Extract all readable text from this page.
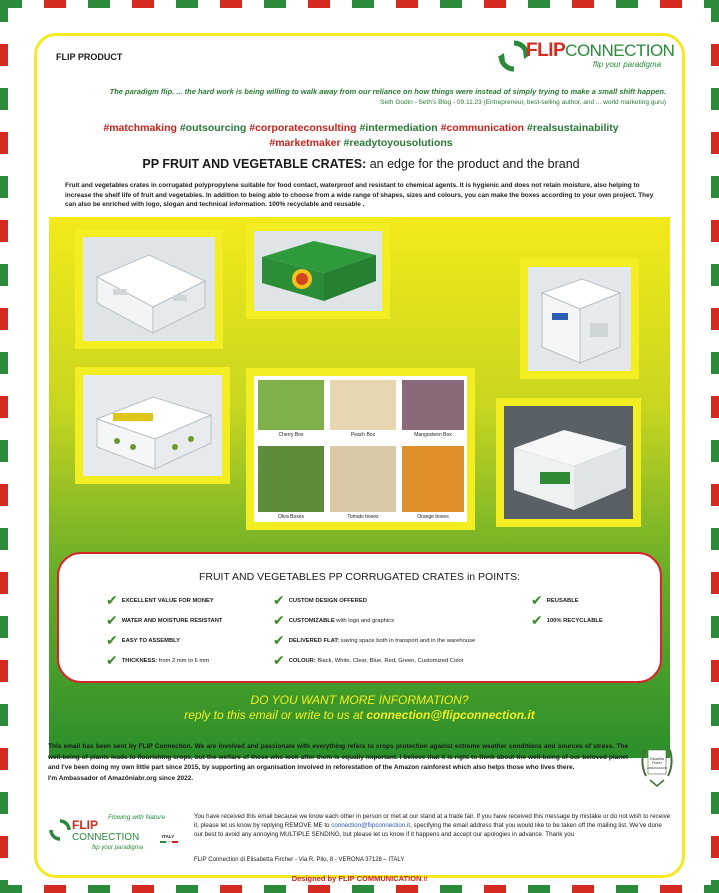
FLIP PRODUCT	FLIPCONNECTION
flip your paradigma
The paradigm flip. ... the hard work is being willing to walk away from our reliance on how things were instead of simply trying to make a small shift happen.
Seth Godin - Seth's Blog - 09.11.23 (Entrepreneur, best-selling author, and ... world marketing guru)
#matchmaking #outsourcing #corporateconsulting #intermediation #communication #realsustainability
#marketmaker #readytoyousolutions
PP FRUIT AND VEGETABLE CRATES: an edge for the product and the brand
Fruit and vegetables crates in corrugated polypropylene suitable for food contact, waterproof and resistant to chemical agents. It is hygienic and does not retain moisture, also helping to increase the shelf life of fruit and vegetables. In addition to being able to choose from a wide range of shapes, sizes and colours, you can make the boxes according to your own project. They can also be enriched with logo, slogan and technical information. 100% recyclable and reusable .
Cherry Box	Peach Box	Mangosteen Box
Okra Boxes	Tomato boxes	Orange boxes
FRUIT AND VEGETABLES PP CORRUGATED CRATES in POINTS:
✔ EXCELLENT VALUE FOR MONEY
✔ WATER AND MOISTURE RESISTANT
✔ EASY TO ASSEMBLY
✔ THICKNESS: from 2 mm to 6 mm
✔ CUSTOM DESIGN OFFERED
✔ CUSTOMIZABLE with logo and graphics
✔ DELIVERED FLAT: saving space both in transport and in the warehouse
✔ COLOUR: Black, White, Clear, Blue, Red, Green, Customized Color
✔ REUSABLE
✔ 100% RECYCLABLE
DO YOU WANT MORE INFORMATION?
reply to this email or write to us at connection@flipconnection.it
This email has been sent by FLIP Connection. We are involved and passionate with everything refers to crops protection against extreme weather conditions and sources of stress. The well-being of plants leads to flourishing crops, but the welfare of those who look after them is equally important. I believe that it is right to think about the well-being of our beloved planet and I've been doing my own little part since 2015, by supporting an organisation involved in reforestation of the Amazon rainforest which also helps those who lives there.
I'm Ambassador of Amazôniabr.org since 2022.
Elisabetta
Fircher
AMBASSADOR
FLIP
CONNECTION
Flowing with Nature
flip your paradigma
ITALY
You have received this email because we know each other in person or met at our stand at a trade fair. If you have received this message by mistake or do not wish to receive it, please let us know by replying REMOVE ME to connection@flipconnection.it, specifying the email address that you would like to be taken off the mailing list. We've done our best to avoid any annoying MULTIPLE SENDING, but please let us know if it happens and accept our apologies in advance. Thank you
FLIP Connection di Elisabetta Fircher - Via R. Pilo, 8 - VERONA 37128 – ITALY
Designed by FLIP COMMUNICATION.it
